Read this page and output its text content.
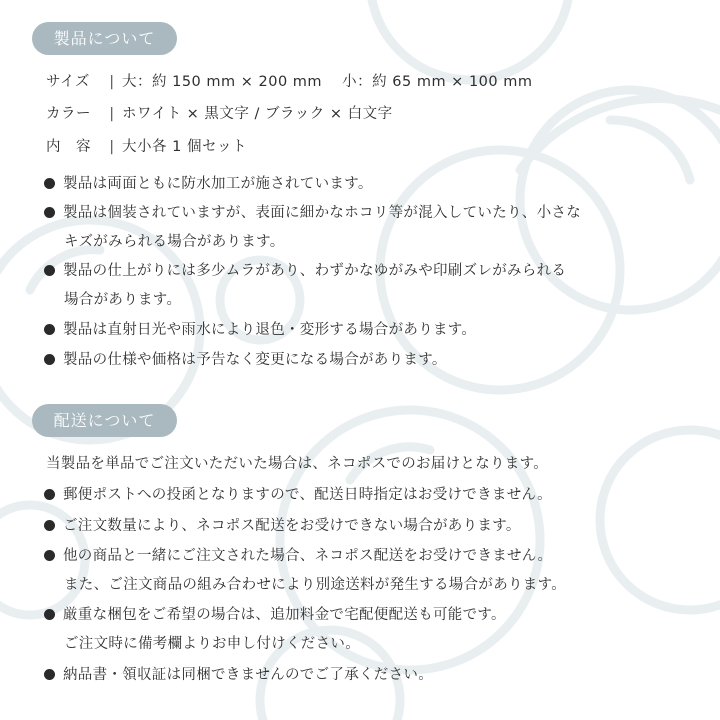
製品について
サイズ | 大：約 150 mm × 200 mm　 小：約 65 mm × 100 mm
カラー | ホワイト × 黒文字 / ブラック × 白文字
内　容 | 大小各 1 個セット
製品は両面ともに防水加工が施されています。
製品は個装されていますが、表面に細かなホコリ等が混入していたり、小さな
キズがみられる場合があります。
製品の仕上がりには多少ムラがあり、わずかなゆがみや印刷ズレがみられる
場合があります。
製品は直射日光や雨水により退色・変形する場合があります。
製品の仕様や価格は予告なく変更になる場合があります。
配送について
当製品を単品でご注文いただいた場合は、ネコポスでのお届けとなります。
郵便ポストへの投函となりますので、配送日時指定はお受けできません。
ご注文数量により、ネコポス配送をお受けできない場合があります。
他の商品と一緒にご注文された場合、ネコポス配送をお受けできません。
また、ご注文商品の組み合わせにより別途送料が発生する場合があります。
厳重な梱包をご希望の場合は、追加料金で宅配便配送も可能です。
ご注文時に備考欄よりお申し付けください。
納品書・領収証は同梱できませんのでご了承ください。
